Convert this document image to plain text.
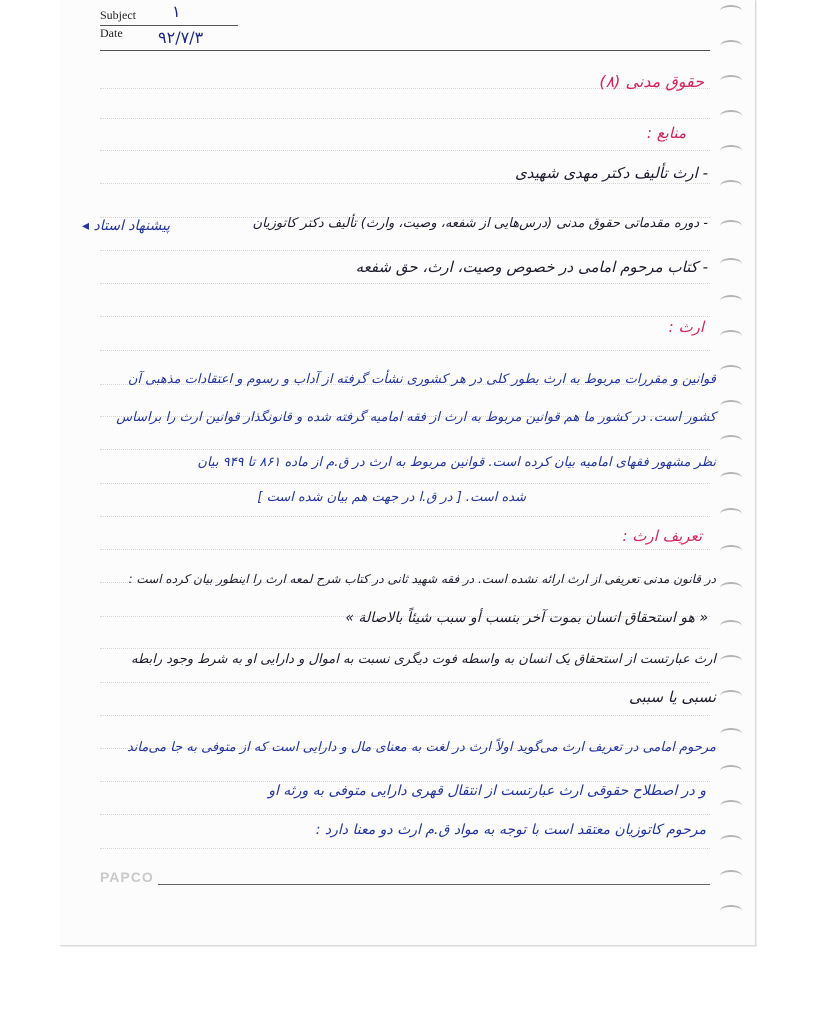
Subject ۱
Date ۹۲/۷/۳
حقوق مدنی (۸)
منابع :
- ارث تألیف دکتر مهدی شهیدی
- دوره مقدماتی حقوق مدنی (درس‌هایی از شفعه، وصیت، وارث) تألیف دکتر کاتوزیان
- کتاب مرحوم امامی در خصوص وصیت، ارث، حق شفعه
پیشنهاد استاد ◂
ارث :
قوانین و مقررات مربوط به ارث بطور کلی در هر کشوری نشأت گرفته از آداب و رسوم و اعتقادات مذهبی آن
کشور است. در کشور ما هم قوانین مربوط به ارث از فقه امامیه گرفته شده و قانونگذار قوانین ارث را براساس
نظر مشهور فقهای امامیه بیان کرده است. قوانین مربوط به ارث در ق.م از ماده ۸۶۱ تا ۹۴۹ بیان
شده است. [ در ق.ا در جهت هم بیان شده است ]
تعریف ارث :
در قانون مدنی تعریفی از ارث ارائه نشده است. در فقه شهید ثانی در کتاب شرح لمعه ارث را اینطور بیان کرده است :
« هو استحقاق انسان بموت آخر بنسب أو سبب شیئاً بالاصالة »
ارث عبارتست از استحقاق یک انسان به واسطه فوت دیگری نسبت به اموال و دارایی او به شرط وجود رابطه
نسبی یا سببی
مرحوم امامی در تعریف ارث می‌گوید اولاً ارث در لغت به معنای مال و دارایی است که از متوفی به جا می‌ماند
و در اصطلاح حقوقی ارث عبارتست از انتقال قهری دارایی متوفی به ورثه او
مرحوم کاتوزیان معتقد است با توجه به مواد ق.م ارث دو معنا دارد :
PAPCO
